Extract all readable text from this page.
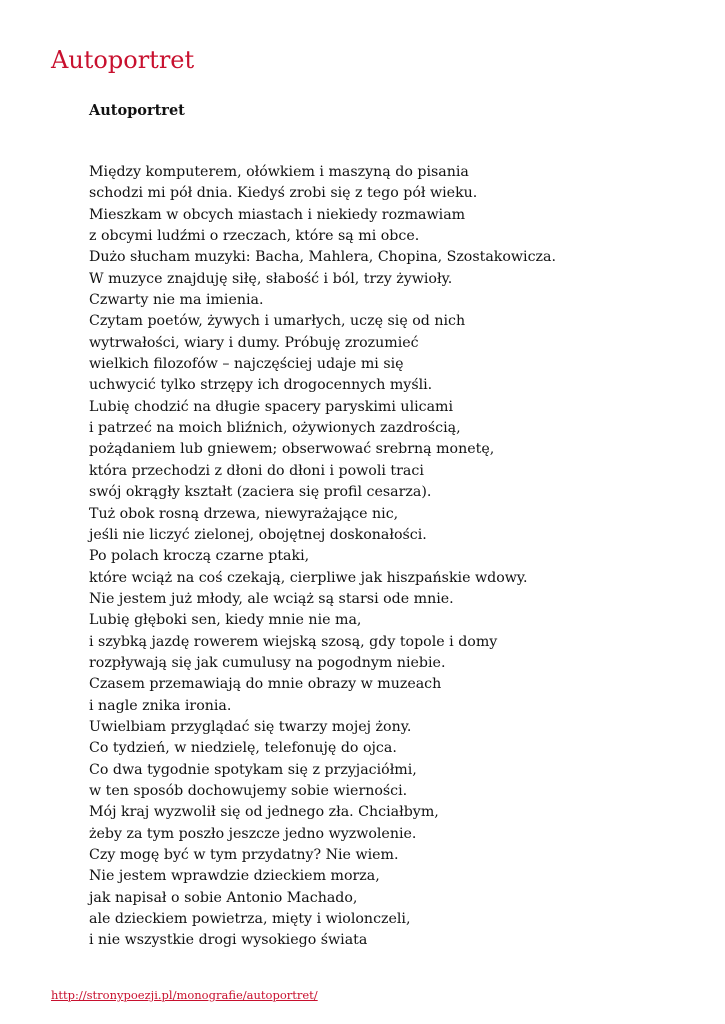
Autoportret
Autoportret
Między komputerem, ołówkiem i maszyną do pisania
schodzi mi pół dnia. Kiedyś zrobi się z tego pół wieku.
Mieszkam w obcych miastach i niekiedy rozmawiam
z obcymi ludźmi o rzeczach, które są mi obce.
Dużo słucham muzyki: Bacha, Mahlera, Chopina, Szostakowicza.
W muzyce znajduję siłę, słabość i ból, trzy żywioły.
Czwarty nie ma imienia.
Czytam poetów, żywych i umarłych, uczę się od nich
wytrwałości, wiary i dumy. Próbuję zrozumieć
wielkich filozofów – najczęściej udaje mi się
uchwycić tylko strzępy ich drogocennych myśli.
Lubię chodzić na długie spacery paryskimi ulicami
i patrzeć na moich bliźnich, ożywionych zazdrością,
pożądaniem lub gniewem; obserwować srebrną monetę,
która przechodzi z dłoni do dłoni i powoli traci
swój okrągły kształt (zaciera się profil cesarza).
Tuż obok rosną drzewa, niewyrażające nic,
jeśli nie liczyć zielonej, obojętnej doskonałości.
Po polach kroczą czarne ptaki,
które wciąż na coś czekają, cierpliwe jak hiszpańskie wdowy.
Nie jestem już młody, ale wciąż są starsi ode mnie.
Lubię głęboki sen, kiedy mnie nie ma,
i szybką jazdę rowerem wiejską szosą, gdy topole i domy
rozpływają się jak cumulusy na pogodnym niebie.
Czasem przemawiają do mnie obrazy w muzeach
i nagle znika ironia.
Uwielbiam przyglądać się twarzy mojej żony.
Co tydzień, w niedzielę, telefonuję do ojca.
Co dwa tygodnie spotykam się z przyjaciółmi,
w ten sposób dochowujemy sobie wierności.
Mój kraj wyzwolił się od jednego zła. Chciałbym,
żeby za tym poszło jeszcze jedno wyzwolenie.
Czy mogę być w tym przydatny? Nie wiem.
Nie jestem wprawdzie dzieckiem morza,
jak napisał o sobie Antonio Machado,
ale dzieckiem powietrza, mięty i wiolonczeli,
i nie wszystkie drogi wysokiego świata
http://stronypoezji.pl/monografie/autoportret/
